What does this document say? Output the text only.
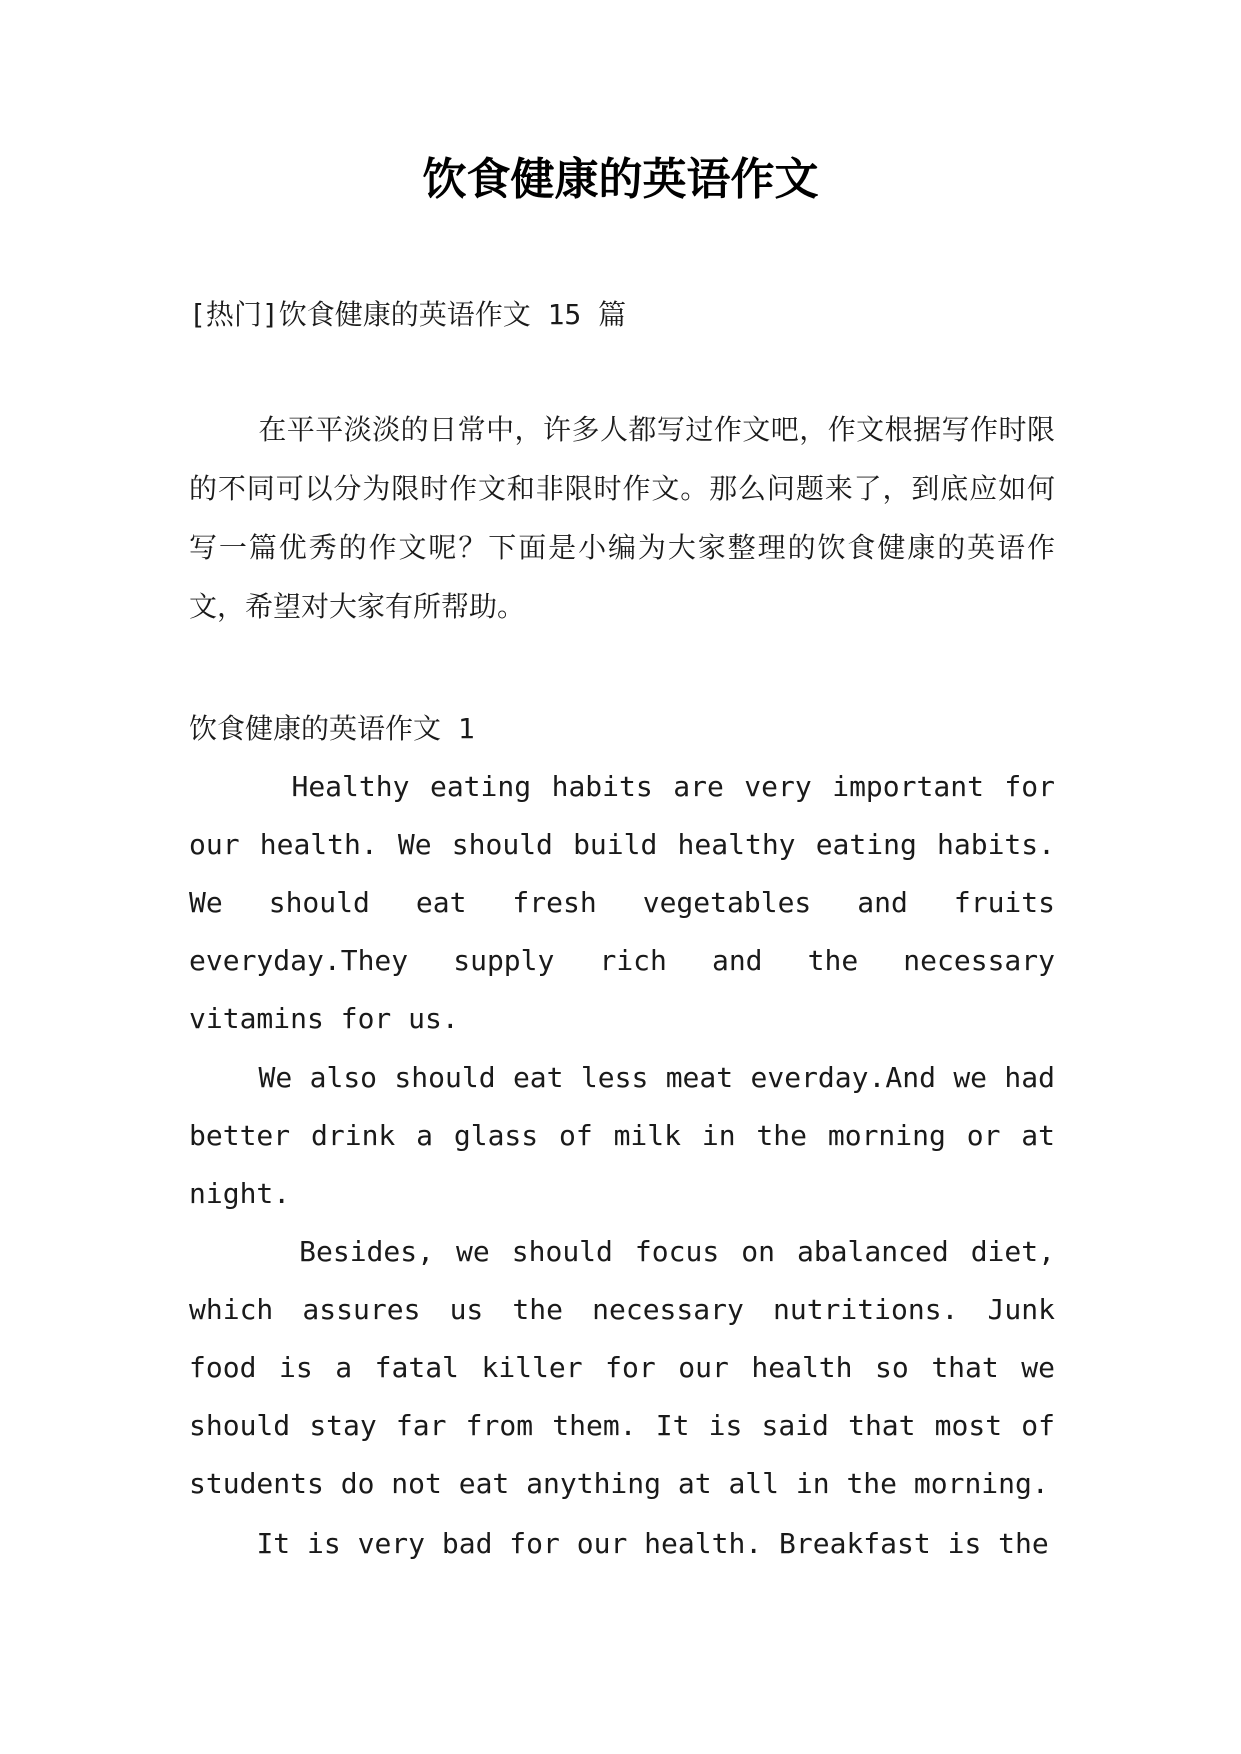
饮食健康的英语作文
[热门]饮食健康的英语作文 15 篇
在平平淡淡的日常中，许多人都写过作文吧，作文根据写作时限的不同可以分为限时作文和非限时作文。那么问题来了，到底应如何写一篇优秀的作文呢？下面是小编为大家整理的饮食健康的英语作文，希望对大家有所帮助。
饮食健康的英语作文 1
Healthy eating habits are very important for our health. We should build healthy eating habits. We should eat fresh vegetables and fruits everyday.They supply rich and the necessary vitamins for us.
We also should eat less meat everday.And we had better drink a glass of milk in the morning or at night.
Besides, we should focus on abalanced diet, which assures us the necessary nutritions. Junk food is a fatal killer for our health so that we should stay far from them. It is said that most of students do not eat anything at all in the morning.
It is very bad for our health. Breakfast is the
